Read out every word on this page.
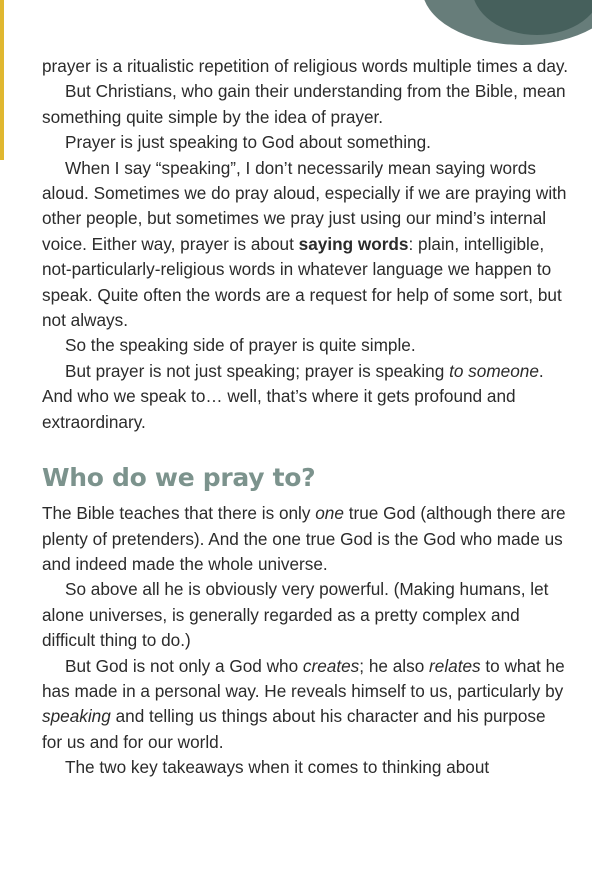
prayer is a ritualistic repetition of religious words multiple times a day.

But Christians, who gain their understanding from the Bible, mean something quite simple by the idea of prayer.

Prayer is just speaking to God about something.

When I say “speaking”, I don’t necessarily mean saying words aloud. Sometimes we do pray aloud, especially if we are praying with other people, but sometimes we pray just using our mind’s internal voice. Either way, prayer is about saying words: plain, intelligible, not-particularly-religious words in whatever language we happen to speak. Quite often the words are a request for help of some sort, but not always.

So the speaking side of prayer is quite simple.

But prayer is not just speaking; prayer is speaking to someone. And who we speak to… well, that’s where it gets profound and extraordinary.

Who do we pray to?

The Bible teaches that there is only one true God (although there are plenty of pretenders). And the one true God is the God who made us and indeed made the whole universe.

So above all he is obviously very powerful. (Making humans, let alone universes, is generally regarded as a pretty complex and difficult thing to do.)

But God is not only a God who creates; he also relates to what he has made in a personal way. He reveals himself to us, particularly by speaking and telling us things about his character and his purpose for us and for our world.

The two key takeaways when it comes to thinking about
